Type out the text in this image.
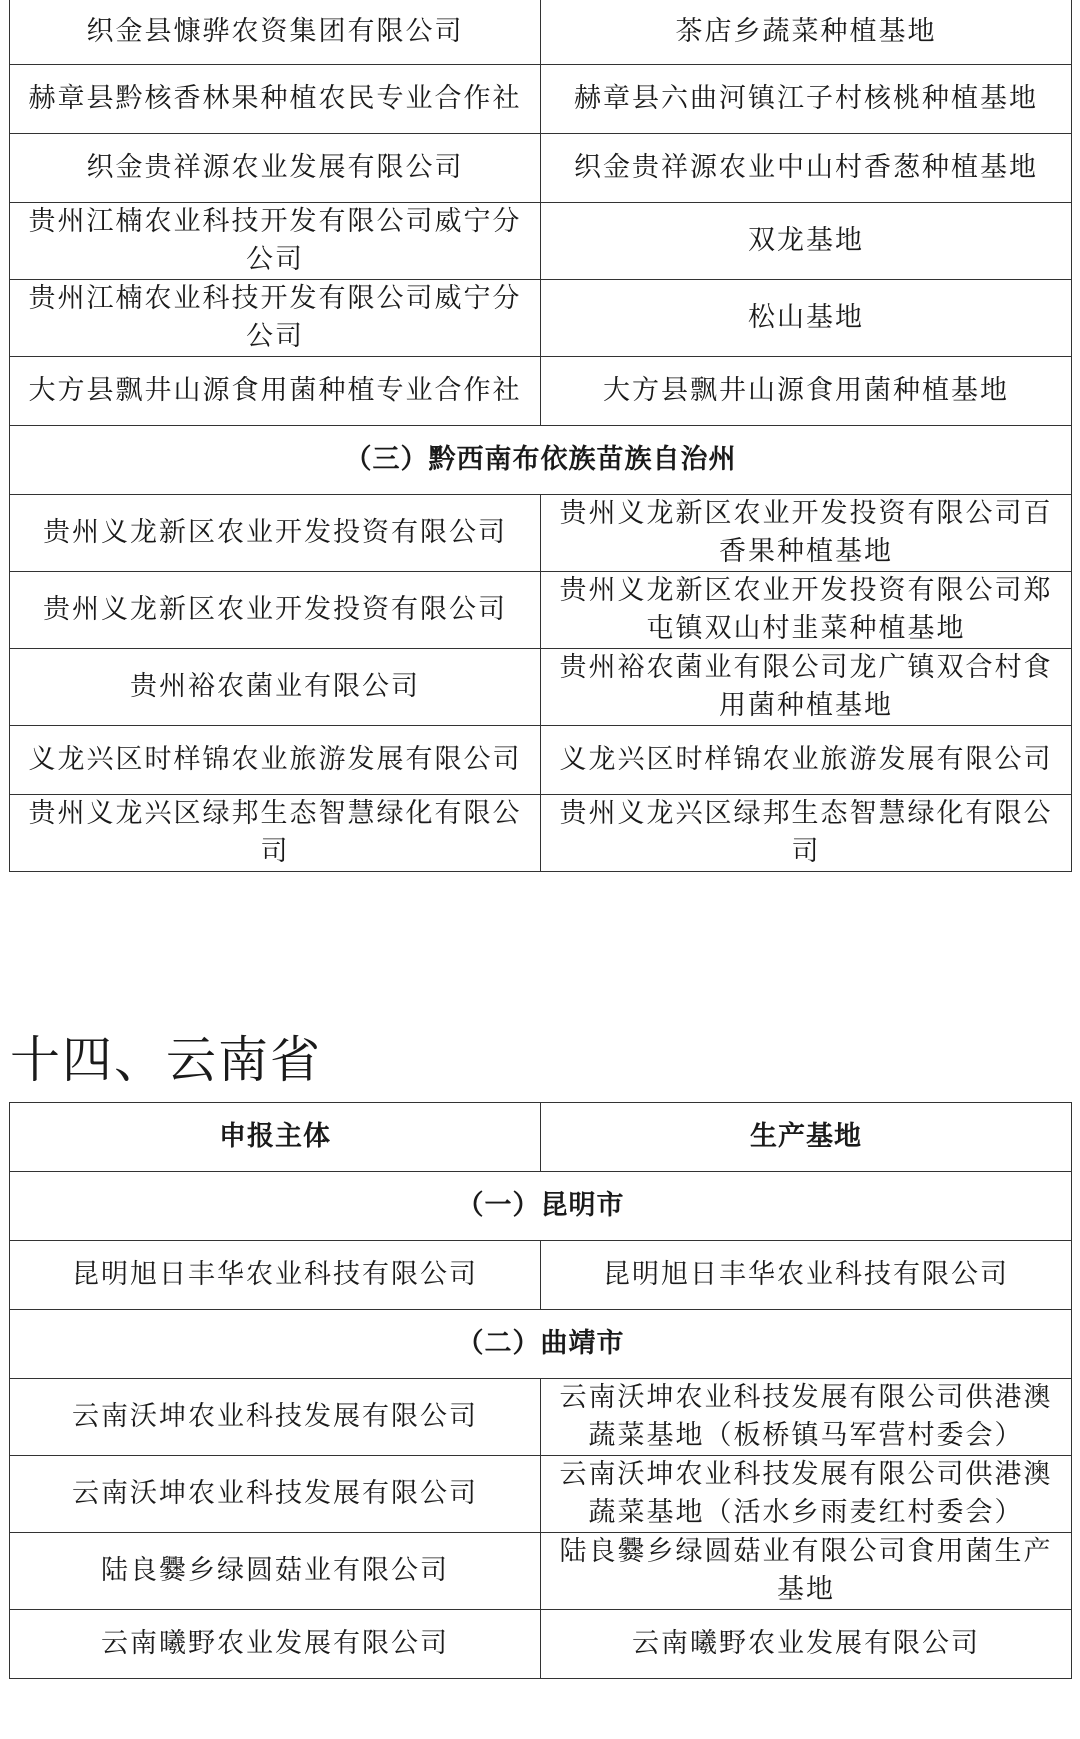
织金县慷骅农资集团有限公司	茶店乡蔬菜种植基地
赫章县黔核香林果种植农民专业合作社	赫章县六曲河镇江子村核桃种植基地
织金贵祥源农业发展有限公司	织金贵祥源农业中山村香葱种植基地
贵州江楠农业科技开发有限公司威宁分公司	双龙基地
贵州江楠农业科技开发有限公司威宁分公司	松山基地
大方县飘井山源食用菌种植专业合作社	大方县飘井山源食用菌种植基地
（三）黔西南布依族苗族自治州	
贵州义龙新区农业开发投资有限公司	贵州义龙新区农业开发投资有限公司百香果种植基地
贵州义龙新区农业开发投资有限公司	贵州义龙新区农业开发投资有限公司郑屯镇双山村韭菜种植基地
贵州裕农菌业有限公司	贵州裕农菌业有限公司龙广镇双合村食用菌种植基地
义龙兴区时样锦农业旅游发展有限公司	义龙兴区时样锦农业旅游发展有限公司
贵州义龙兴区绿邦生态智慧绿化有限公司	贵州义龙兴区绿邦生态智慧绿化有限公司
十四、云南省
申报主体	生产基地
（一）昆明市	
昆明旭日丰华农业科技有限公司	昆明旭日丰华农业科技有限公司
（二）曲靖市	
云南沃坤农业科技发展有限公司	云南沃坤农业科技发展有限公司供港澳蔬菜基地（板桥镇马军营村委会）
云南沃坤农业科技发展有限公司	云南沃坤农业科技发展有限公司供港澳蔬菜基地（活水乡雨麦红村委会）
陆良爨乡绿圆菇业有限公司	陆良爨乡绿圆菇业有限公司食用菌生产基地
云南曦野农业发展有限公司	云南曦野农业发展有限公司
